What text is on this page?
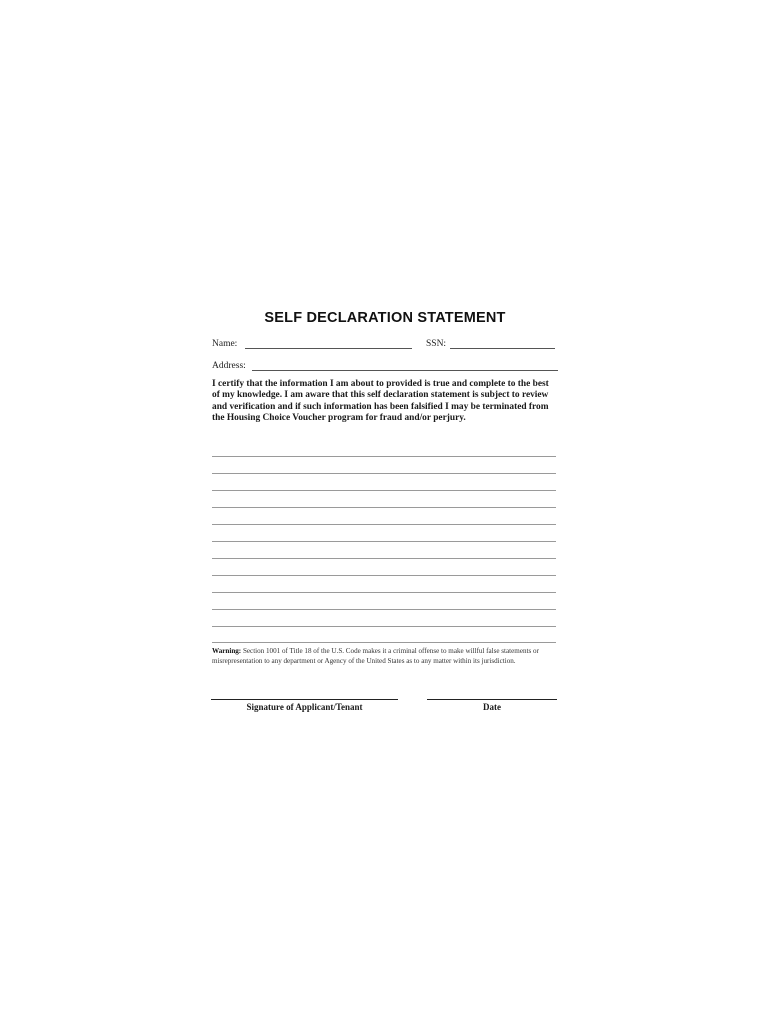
SELF DECLARATION STATEMENT
Name:	SSN:
Address:
I certify that the information I am about to provided is true and complete to the best of my knowledge. I am aware that this self declaration statement is subject to review and verification and if such information has been falsified I may be terminated from the Housing Choice Voucher program for fraud and/or perjury.
Warning: Section 1001 of Title 18 of the U.S. Code makes it a criminal offense to make willful false statements or misrepresentation to any department or Agency of the United States as to any matter within its jurisdiction.
Signature of Applicant/Tenant	Date
